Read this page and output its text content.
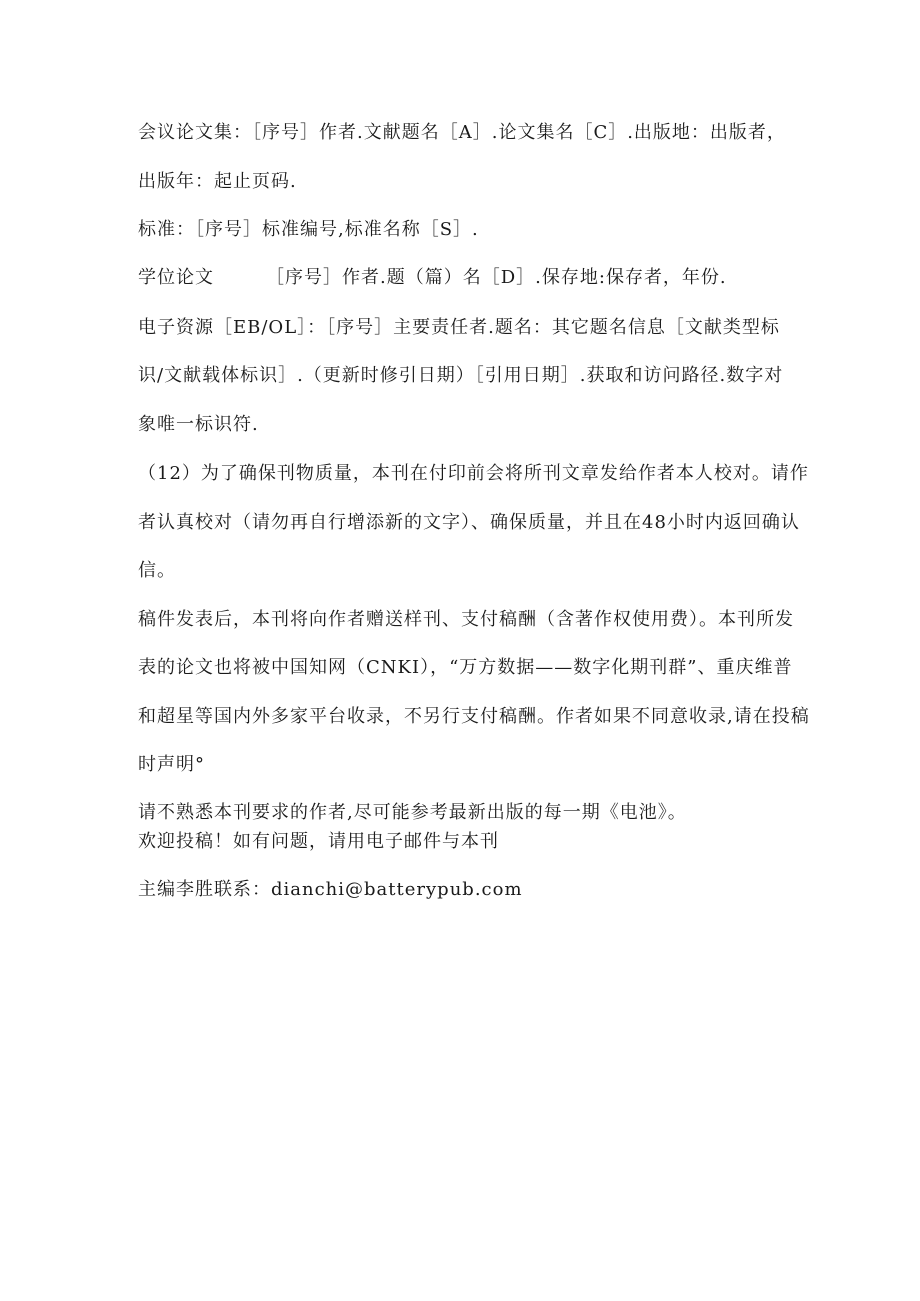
会议论文集：［序号］作者.文献题名［A］.论文集名［C］.出版地：出版者，

出版年：起止页码.

标准：［序号］标准编号,标准名称［S］.

学位论文	［序号］作者.题（篇）名［D］.保存地:保存者，年份.

电子资源［EB/OL］：［序号］主要责任者.题名：其它题名信息［文献类型标

识/文献载体标识］.（更新时修引日期）［引用日期］.获取和访问路径.数字对

象唯一标识符.

（12）为了确保刊物质量，本刊在付印前会将所刊文章发给作者本人校对。请作

者认真校对（请勿再自行增添新的文字）、确保质量，并且在48小时内返回确认

信。

稿件发表后，本刊将向作者赠送样刊、支付稿酬（含著作权使用费）。本刊所发

表的论文也将被中国知网（CNKI），“万方数据——数字化期刊群”、重庆维普

和超星等国内外多家平台收录，不另行支付稿酬。作者如果不同意收录,请在投稿

时声明°

请不熟悉本刊要求的作者,尽可能参考最新出版的每一期《电池》。

欢迎投稿！如有问题，请用电子邮件与本刊

主编李胜联系：dianchi@batterypub.com
